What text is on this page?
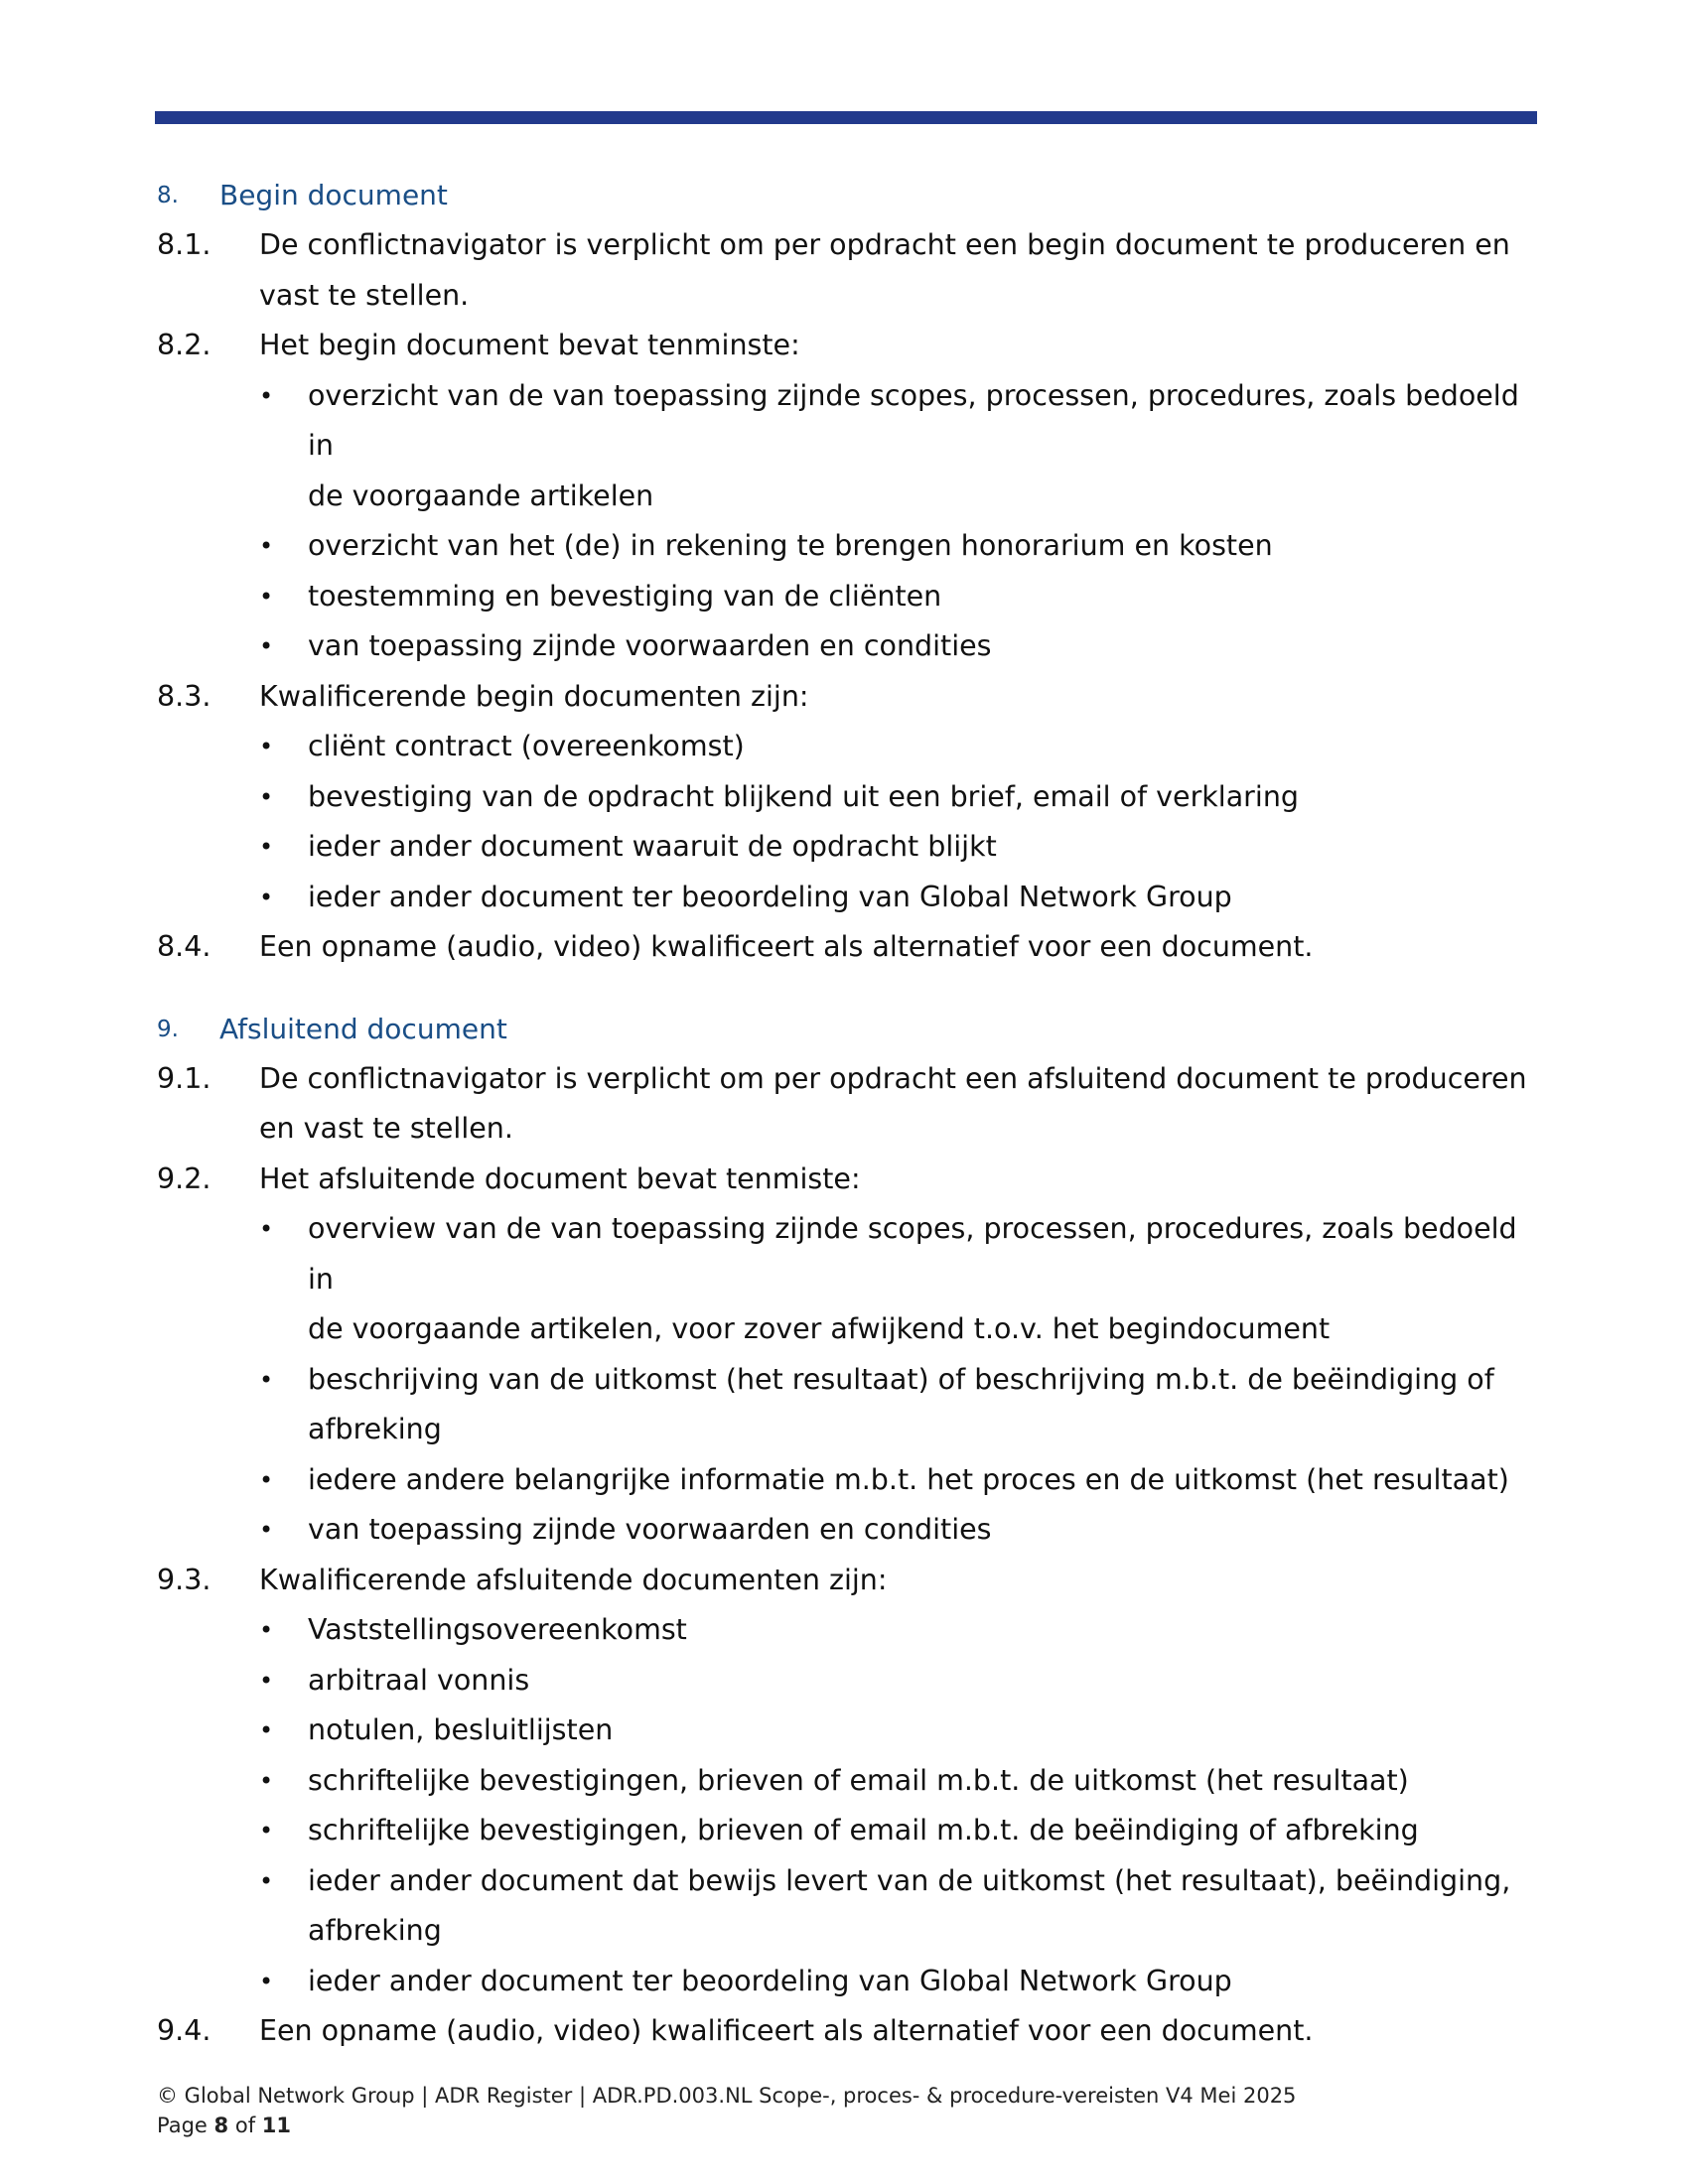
8. Begin document
8.1. De conflictnavigator is verplicht om per opdracht een begin document te produceren en
vast te stellen.
8.2. Het begin document bevat tenminste:
• overzicht van de van toepassing zijnde scopes, processen, procedures, zoals bedoeld in
de voorgaande artikelen
• overzicht van het (de) in rekening te brengen honorarium en kosten
• toestemming en bevestiging van de cliënten
• van toepassing zijnde voorwaarden en condities
8.3. Kwalificerende begin documenten zijn:
• cliënt contract (overeenkomst)
• bevestiging van de opdracht blijkend uit een brief, email of verklaring
• ieder ander document waaruit de opdracht blijkt
• ieder ander document ter beoordeling van Global Network Group
8.4. Een opname (audio, video) kwalificeert als alternatief voor een document.
9. Afsluitend document
9.1. De conflictnavigator is verplicht om per opdracht een afsluitend document te produceren
en vast te stellen.
9.2. Het afsluitende document bevat tenmiste:
• overview van de van toepassing zijnde scopes, processen, procedures, zoals bedoeld in
de voorgaande artikelen, voor zover afwijkend t.o.v. het begindocument
• beschrijving van de uitkomst (het resultaat) of beschrijving m.b.t. de beëindiging of
afbreking
• iedere andere belangrijke informatie m.b.t. het proces en de uitkomst (het resultaat)
• van toepassing zijnde voorwaarden en condities
9.3. Kwalificerende afsluitende documenten zijn:
• Vaststellingsovereenkomst
• arbitraal vonnis
• notulen, besluitlijsten
• schriftelijke bevestigingen, brieven of email m.b.t. de uitkomst (het resultaat)
• schriftelijke bevestigingen, brieven of email m.b.t. de beëindiging of afbreking
• ieder ander document dat bewijs levert van de uitkomst (het resultaat), beëindiging,
afbreking
• ieder ander document ter beoordeling van Global Network Group
9.4. Een opname (audio, video) kwalificeert als alternatief voor een document.
© Global Network Group | ADR Register | ADR.PD.003.NL Scope-, proces- & procedure-vereisten V4 Mei 2025
Page 8 of 11
